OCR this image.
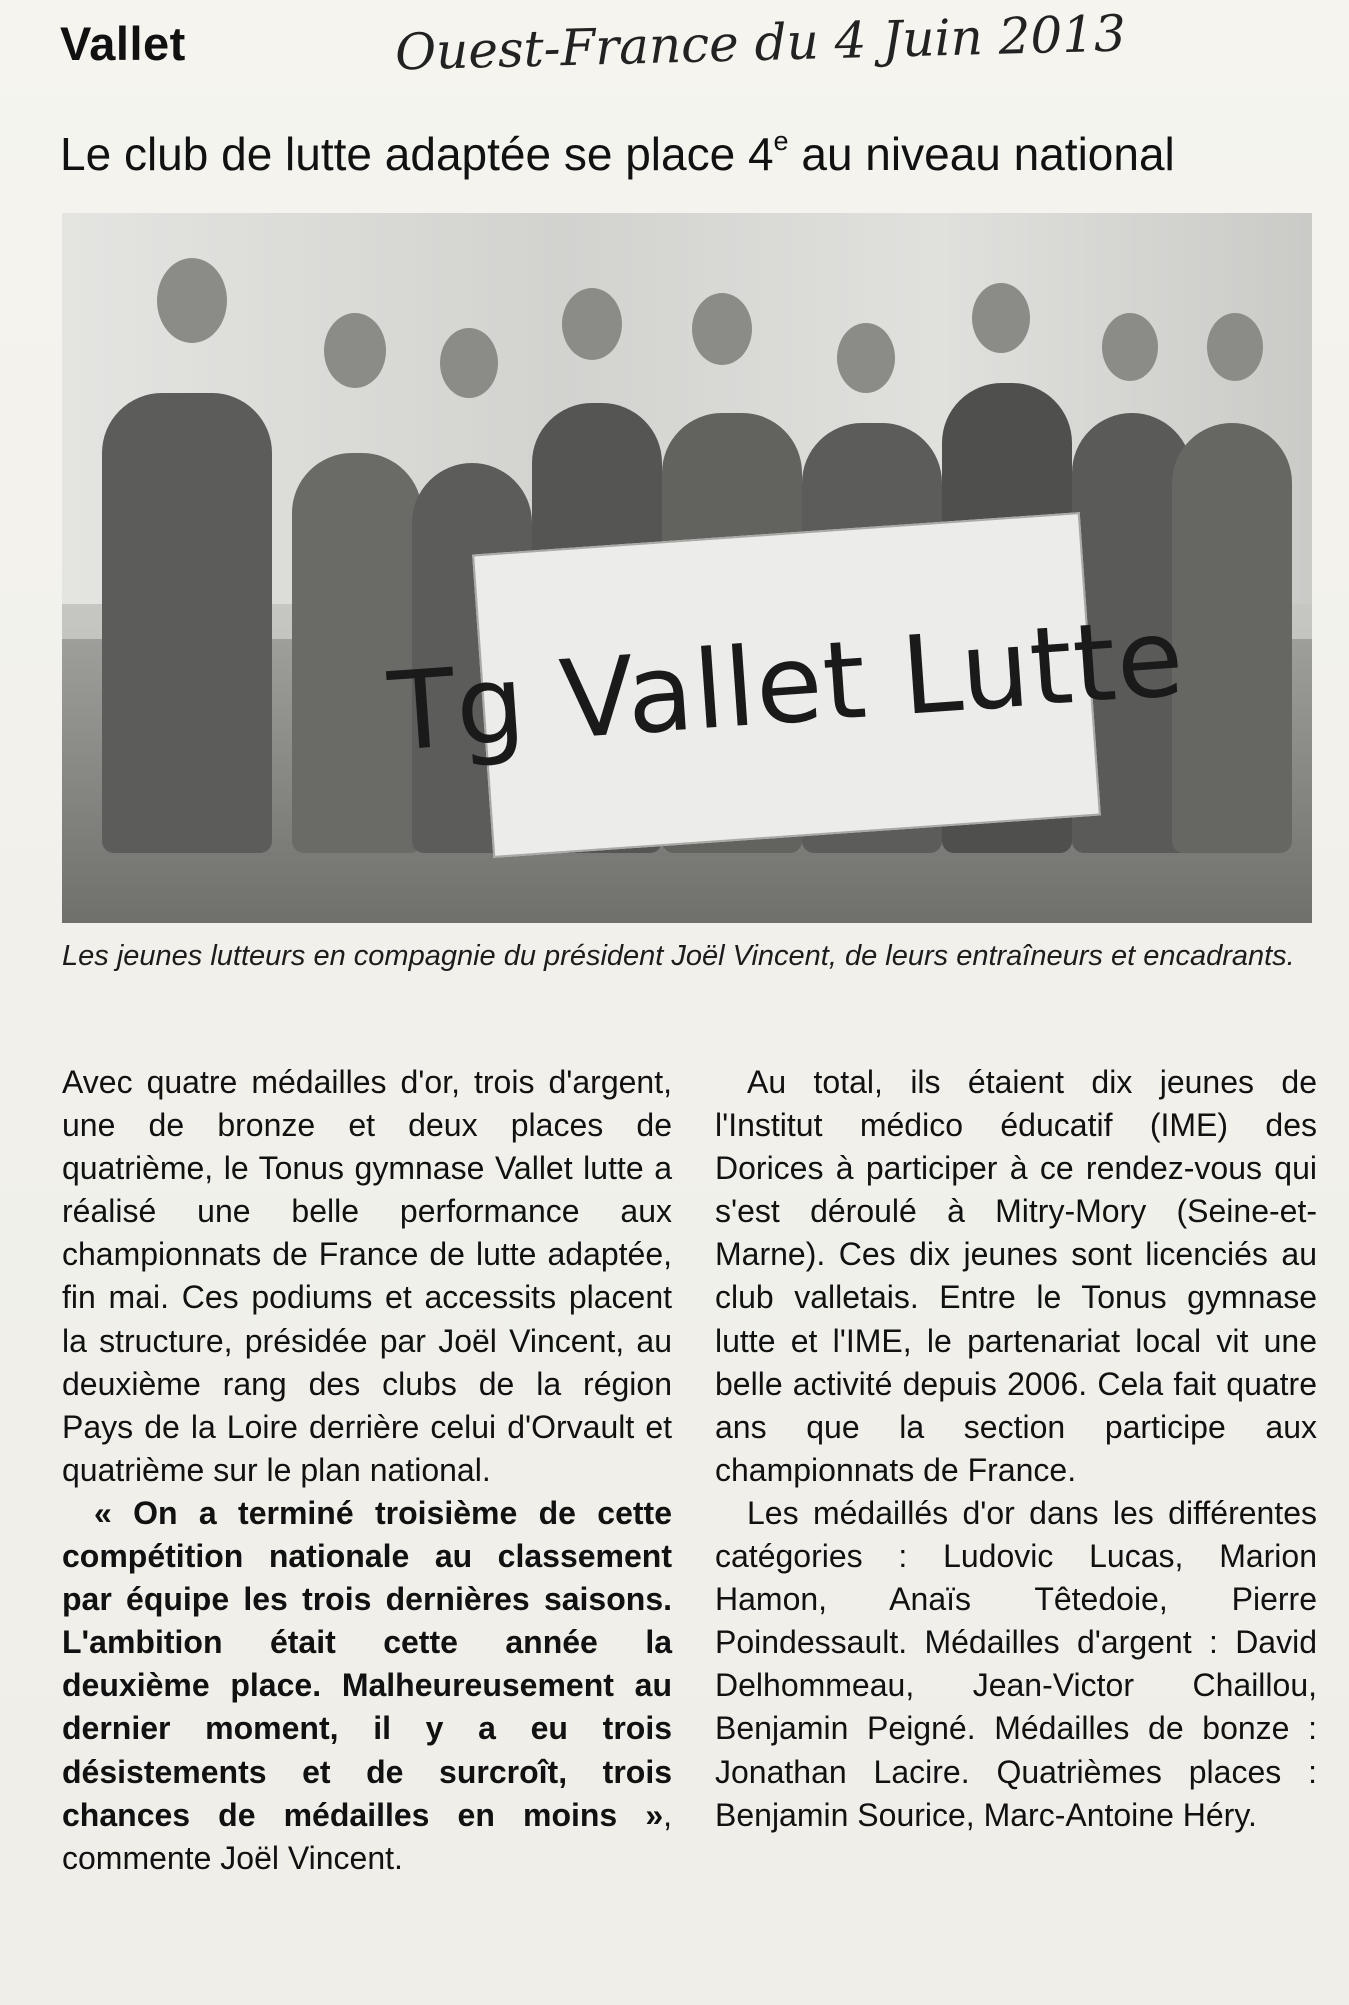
Vallet	Ouest-France du 4 Juin 2013
Le club de lutte adaptée se place 4e au niveau national
Tg Vallet Lutte
Les jeunes lutteurs en compagnie du président Joël Vincent, de leurs entraîneurs et encadrants.

Avec quatre médailles d'or, trois d'argent, une de bronze et deux places de quatrième, le Tonus gymnase Vallet lutte a réalisé une belle performance aux championnats de France de lutte adaptée, fin mai. Ces podiums et accessits placent la structure, présidée par Joël Vincent, au deuxième rang des clubs de la région Pays de la Loire derrière celui d'Orvault et quatrième sur le plan national.

« On a terminé troisième de cette compétition nationale au classement par équipe les trois dernières saisons. L'ambition était cette année la deuxième place. Malheureusement au dernier moment, il y a eu trois désistements et de surcroît, trois chances de médailles en moins », commente Joël Vincent.

Au total, ils étaient dix jeunes de l'Institut médico éducatif (IME) des Dorices à participer à ce rendez-vous qui s'est déroulé à Mitry-Mory (Seine-et-Marne). Ces dix jeunes sont licenciés au club valletais. Entre le Tonus gymnase lutte et l'IME, le partenariat local vit une belle activité depuis 2006. Cela fait quatre ans que la section participe aux championnats de France.

Les médaillés d'or dans les différentes catégories : Ludovic Lucas, Marion Hamon, Anaïs Têtedoie, Pierre Poindessault. Médailles d'argent : David Delhommeau, Jean-Victor Chaillou, Benjamin Peigné. Médailles de bonze : Jonathan Lacire. Quatrièmes places : Benjamin Sourice, Marc-Antoine Héry.
